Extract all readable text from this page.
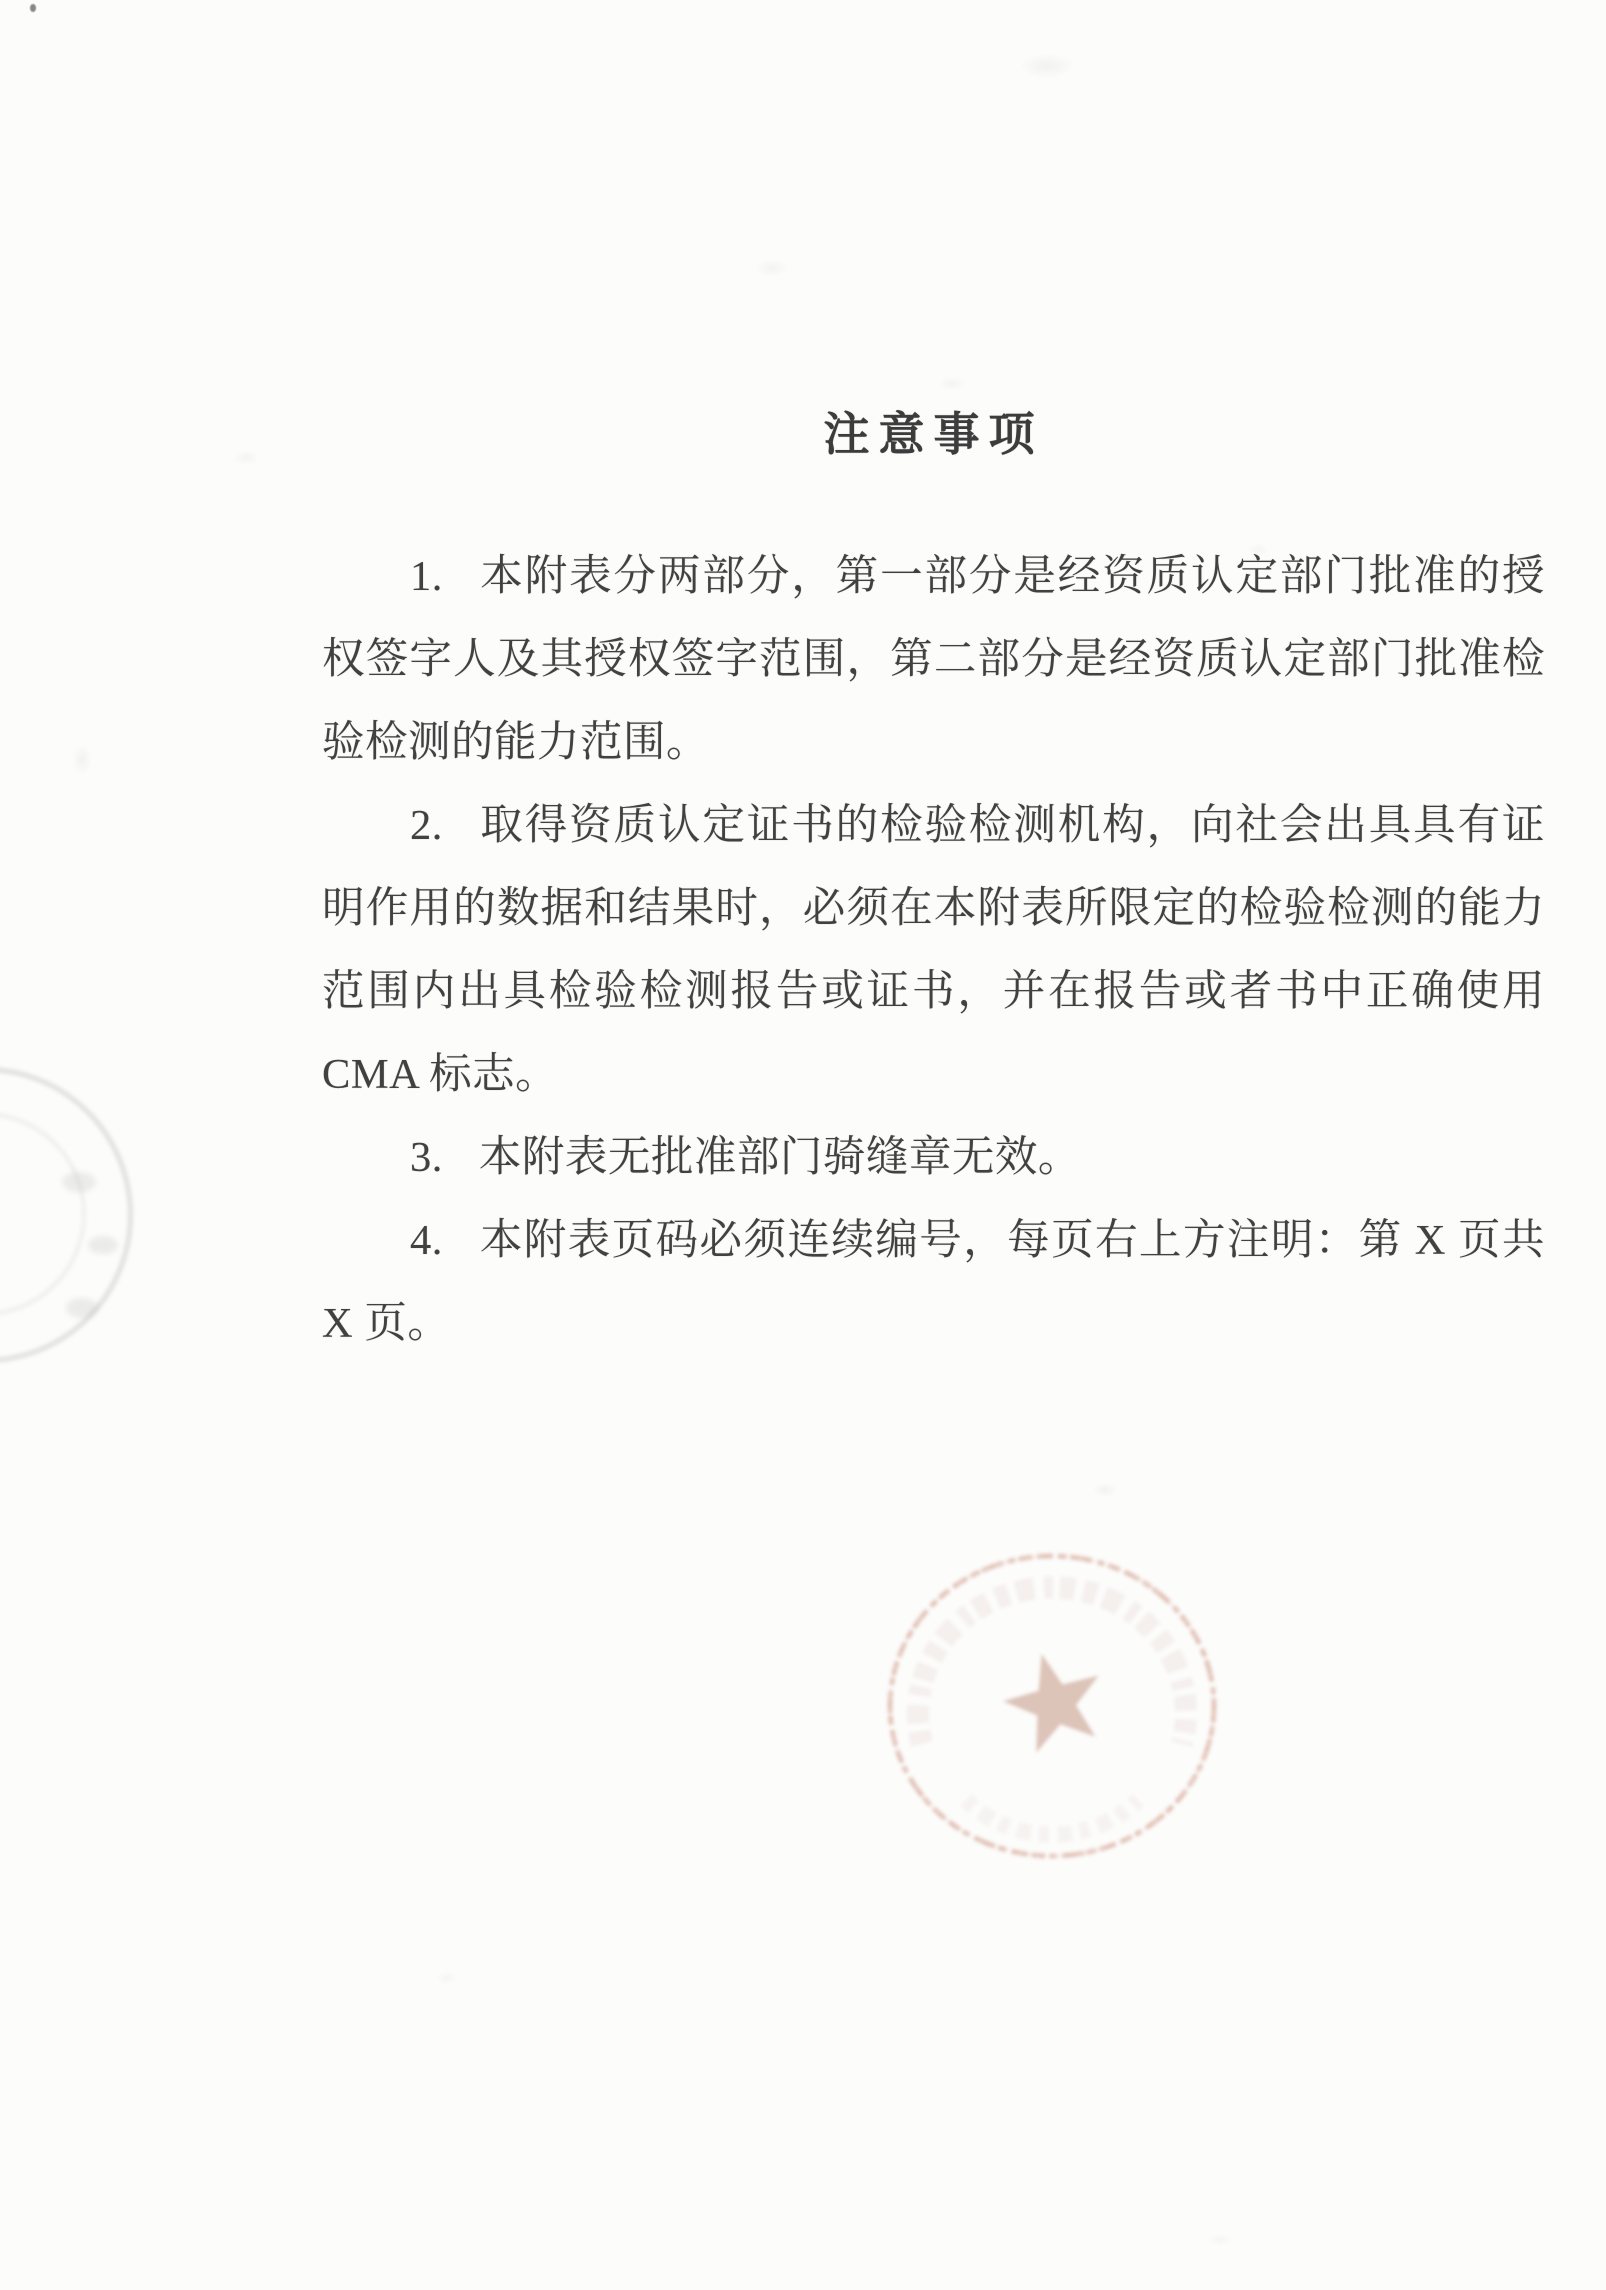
注意事项

1. 本附表分两部分，第一部分是经资质认定部门批准的授权签字人及其授权签字范围，第二部分是经资质认定部门批准检验检测的能力范围。

2. 取得资质认定证书的检验检测机构，向社会出具具有证明作用的数据和结果时，必须在本附表所限定的检验检测的能力范围内出具检验检测报告或证书，并在报告或者书中正确使用 CMA 标志。

3. 本附表无批准部门骑缝章无效。

4. 本附表页码必须连续编号，每页右上方注明：第 X 页共 X 页。
